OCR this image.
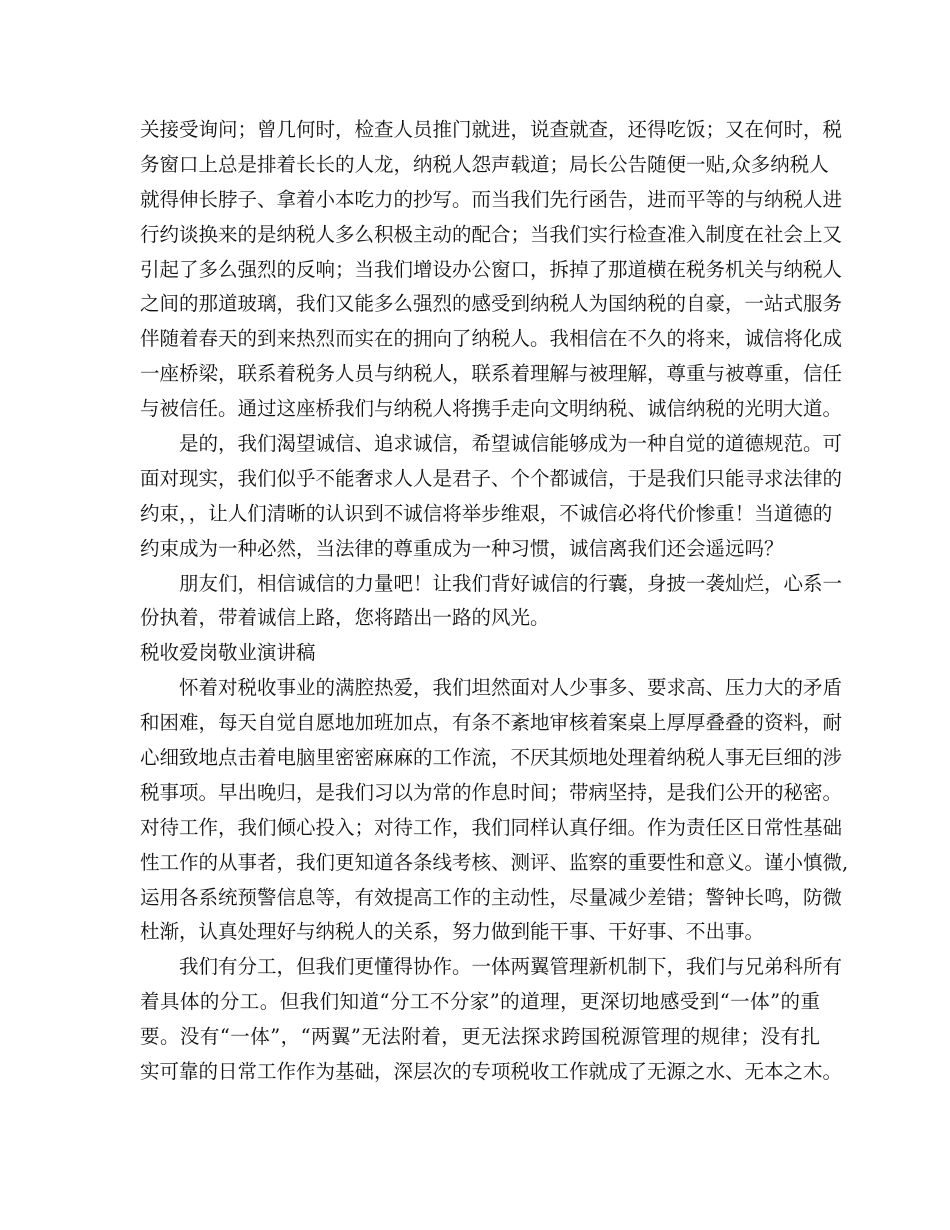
关接受询问；曾几何时，检查人员推门就进，说查就查，还得吃饭；又在何时，税
务窗口上总是排着长长的人龙，纳税人怨声载道；局长公告随便一贴,众多纳税人
就得伸长脖子、拿着小本吃力的抄写。而当我们先行函告，进而平等的与纳税人进
行约谈换来的是纳税人多么积极主动的配合；当我们实行检查准入制度在社会上又
引起了多么强烈的反响；当我们增设办公窗口，拆掉了那道横在税务机关与纳税人
之间的那道玻璃，我们又能多么强烈的感受到纳税人为国纳税的自豪，一站式服务
伴随着春天的到来热烈而实在的拥向了纳税人。我相信在不久的将来，诚信将化成
一座桥梁，联系着税务人员与纳税人，联系着理解与被理解，尊重与被尊重，信任
与被信任。通过这座桥我们与纳税人将携手走向文明纳税、诚信纳税的光明大道。
是的，我们渴望诚信、追求诚信，希望诚信能够成为一种自觉的道德规范。可
面对现实，我们似乎不能奢求人人是君子、个个都诚信，于是我们只能寻求法律的
约束，，让人们清晰的认识到不诚信将举步维艰，不诚信必将代价惨重！当道德的
约束成为一种必然，当法律的尊重成为一种习惯，诚信离我们还会遥远吗？
朋友们，相信诚信的力量吧！让我们背好诚信的行囊，身披一袭灿烂，心系一
份执着，带着诚信上路，您将踏出一路的风光。
税收爱岗敬业演讲稿
怀着对税收事业的满腔热爱，我们坦然面对人少事多、要求高、压力大的矛盾
和困难，每天自觉自愿地加班加点，有条不紊地审核着案桌上厚厚叠叠的资料，耐
心细致地点击着电脑里密密麻麻的工作流，不厌其烦地处理着纳税人事无巨细的涉
税事项。早出晚归，是我们习以为常的作息时间；带病坚持，是我们公开的秘密。
对待工作，我们倾心投入；对待工作，我们同样认真仔细。作为责任区日常性基础
性工作的从事者，我们更知道各条线考核、测评、监察的重要性和意义。谨小慎微,
运用各系统预警信息等，有效提高工作的主动性，尽量减少差错；警钟长鸣，防微
杜渐，认真处理好与纳税人的关系，努力做到能干事、干好事、不出事。
我们有分工，但我们更懂得协作。一体两翼管理新机制下，我们与兄弟科所有
着具体的分工。但我们知道“分工不分家”的道理，更深切地感受到“一体”的重
要。没有“一体”，“两翼”无法附着，更无法探求跨国税源管理的规律；没有扎
实可靠的日常工作作为基础，深层次的专项税收工作就成了无源之水、无本之木。
